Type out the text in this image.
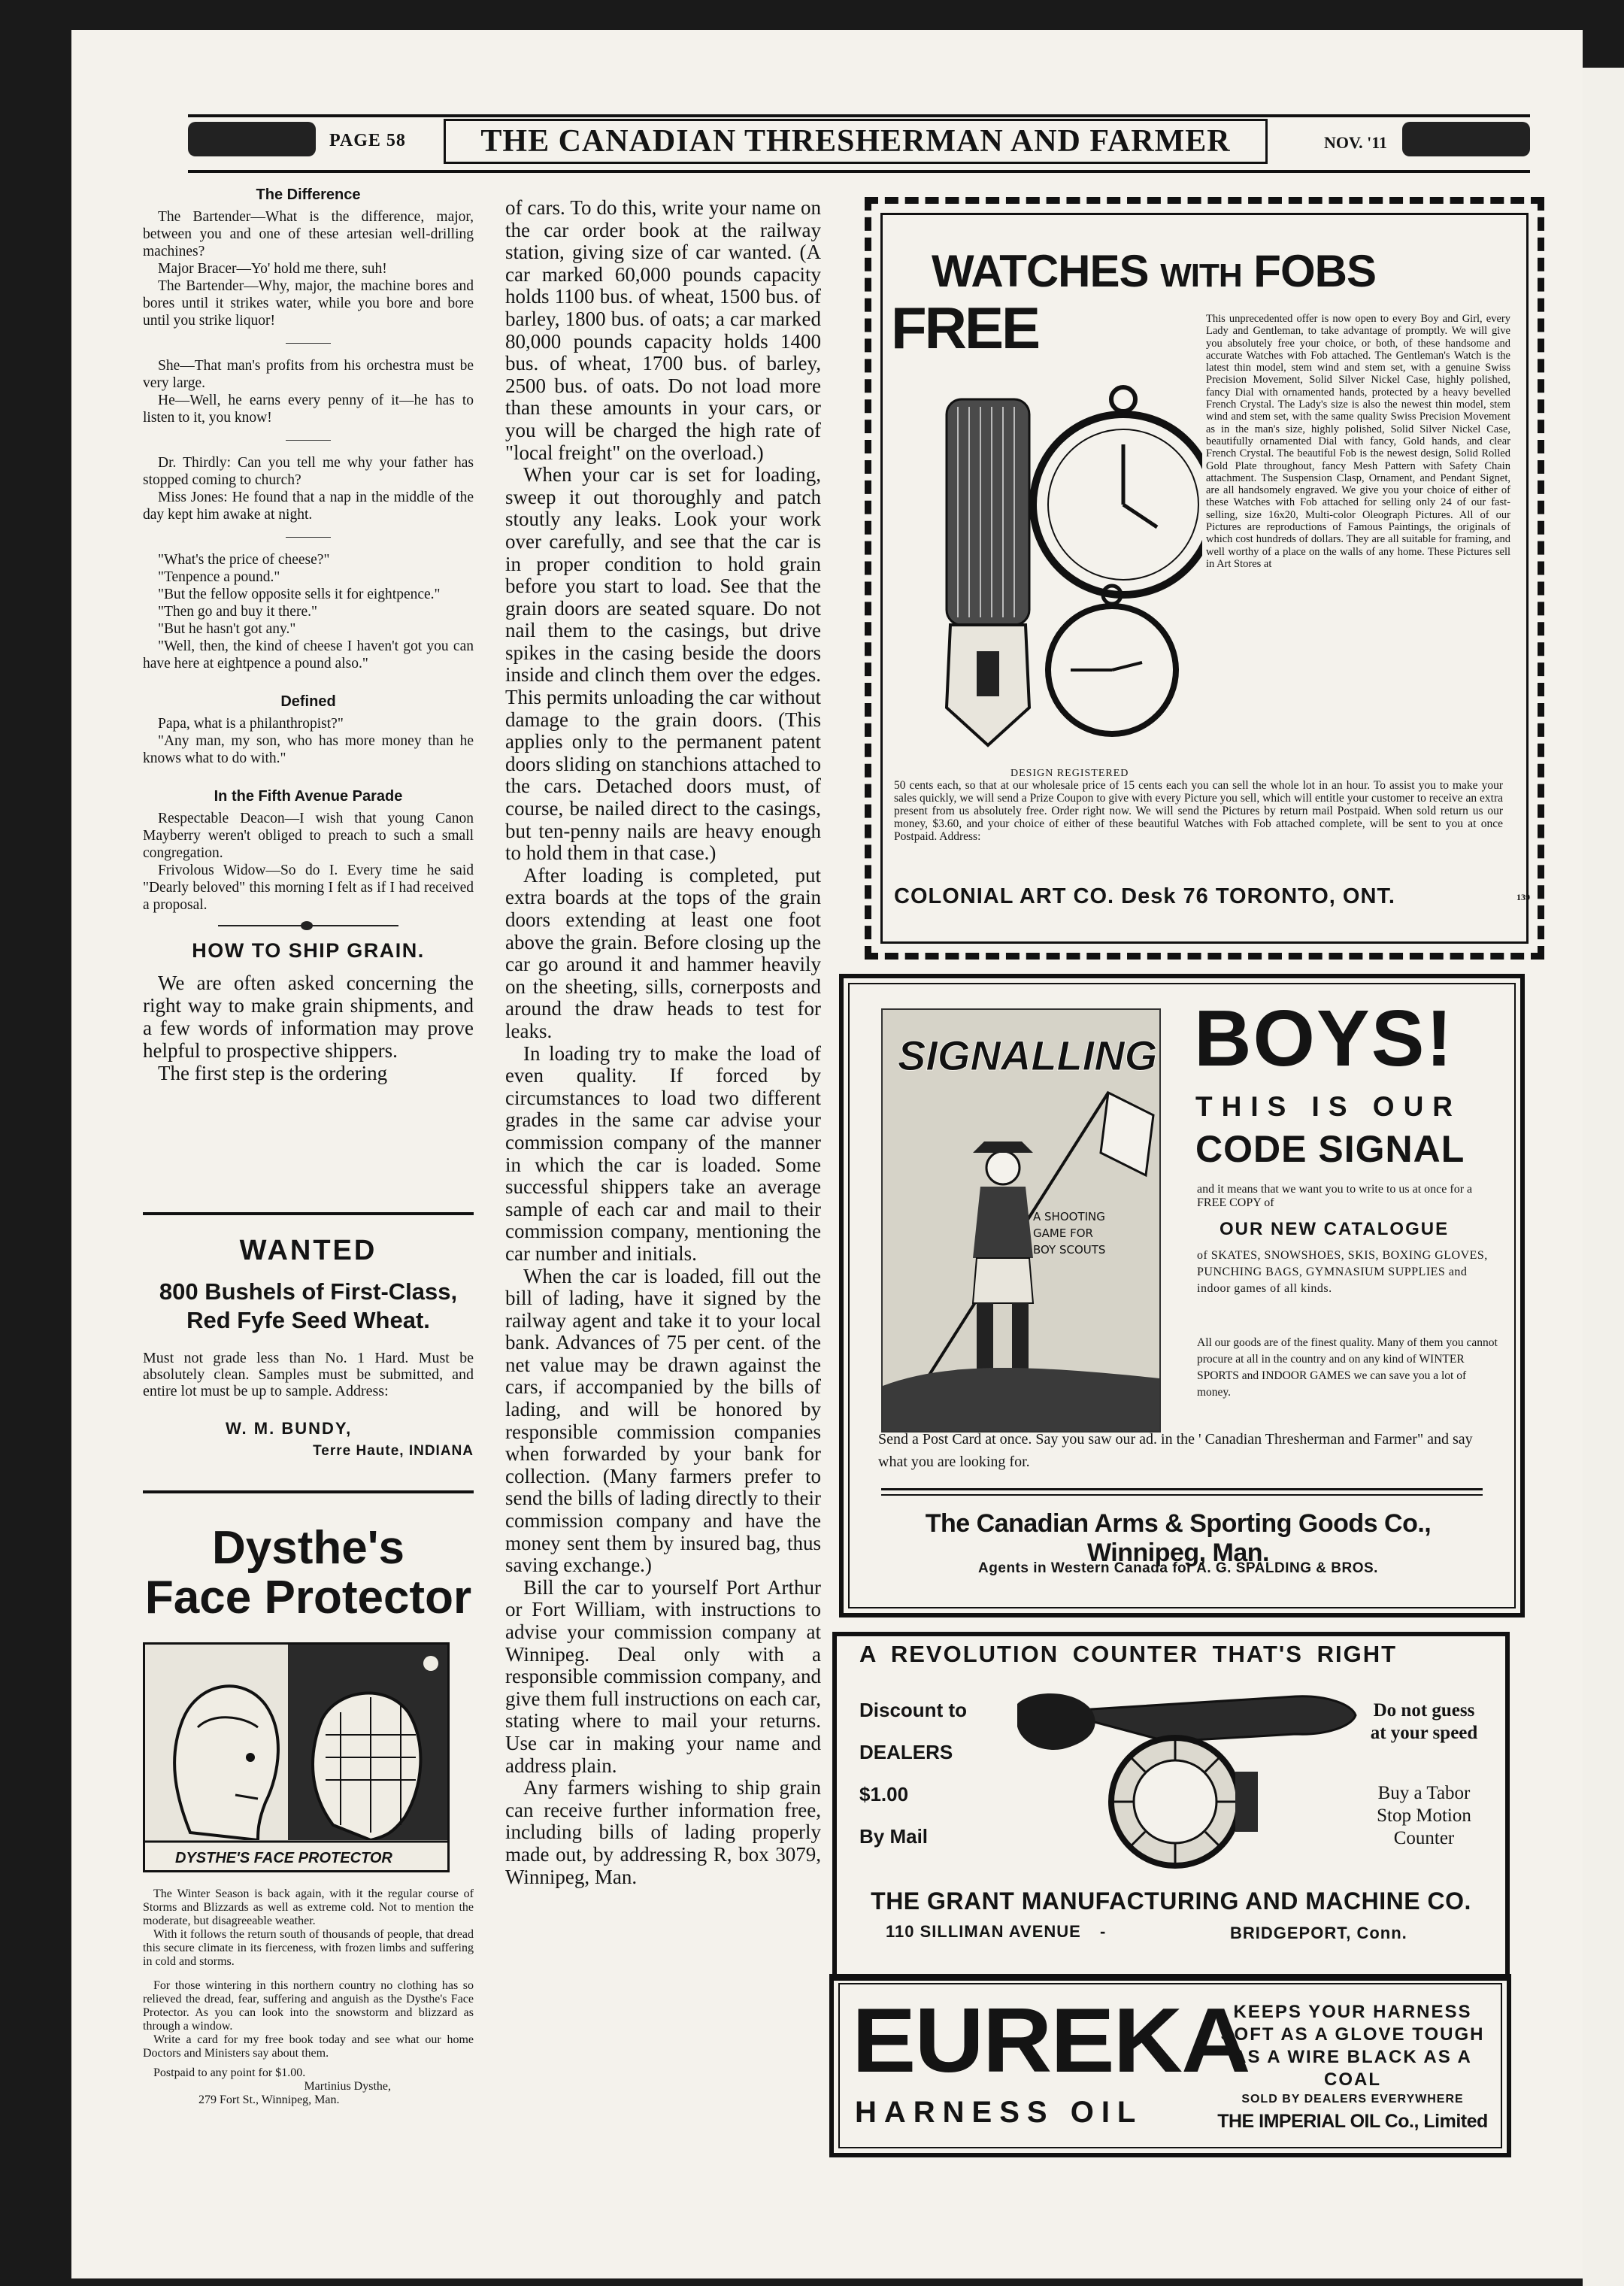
PAGE 58	THE CANADIAN THRESHERMAN AND FARMER	NOV. '11

The Difference

The Bartender—What is the difference, major, between you and one of these artesian well-drilling machines?

Major Bracer—Yo' hold me there, suh!

The Bartender—Why, major, the machine bores and bores until it strikes water, while you bore and bore until you strike liquor!

She—That man's profits from his orchestra must be very large.

He—Well, he earns every penny of it—he has to listen to it, you know!

Dr. Thirdly: Can you tell me why your father has stopped coming to church?

Miss Jones: He found that a nap in the middle of the day kept him awake at night.

"What's the price of cheese?"

"Tenpence a pound."

"But the fellow opposite sells it for eightpence."

"Then go and buy it there."

"But he hasn't got any."

"Well, then, the kind of cheese I haven't got you can have here at eightpence a pound also."

Defined

Papa, what is a philanthropist?"

"Any man, my son, who has more money than he knows what to do with."

In the Fifth Avenue Parade

Respectable Deacon—I wish that young Canon Mayberry weren't obliged to preach to such a small congregation.

Frivolous Widow—So do I. Every time he said "Dearly beloved" this morning I felt as if I had received a proposal.

HOW TO SHIP GRAIN.

We are often asked concerning the right way to make grain shipments, and a few words of information may prove helpful to prospective shippers.

The first step is the ordering

WANTED
800 Bushels of First-Class, Red Fyfe Seed Wheat.
Must not grade less than No. 1 Hard. Must be absolutely clean. Samples must be submitted, and entire lot must be up to sample. Address:
W. M. BUNDY,
Terre Haute, INDIANA
Dysthe's
Face Protector
DYSTHE'S FACE PROTECTOR

The Winter Season is back again, with it the regular course of Storms and Blizzards as well as extreme cold. Not to mention the moderate, but disagreeable weather.

With it follows the return south of thousands of people, that dread this secure climate in its fierceness, with frozen limbs and suffering in cold and storms.

For those wintering in this northern country no clothing has so relieved the dread, fear, suffering and anguish as the Dysthe's Face Protector. As you can look into the snowstorm and blizzard as through a window.

Write a card for my free book today and see what our home Doctors and Ministers say about them.

Postpaid to any point for $1.00.

Martinius Dysthe,

279 Fort St., Winnipeg, Man.

of cars. To do this, write your name on the car order book at the railway station, giving size of car wanted. (A car marked 60,000 pounds capacity holds 1100 bus. of wheat, 1500 bus. of barley, 1800 bus. of oats; a car marked 80,000 pounds capacity holds 1400 bus. of wheat, 1700 bus. of barley, 2500 bus. of oats. Do not load more than these amounts in your cars, or you will be charged the high rate of "local freight" on the overload.)

When your car is set for loading, sweep it out thoroughly and patch stoutly any leaks. Look your work over carefully, and see that the car is in proper condition to hold grain before you start to load. See that the grain doors are seated square. Do not nail them to the casings, but drive spikes in the casing beside the doors inside and clinch them over the edges. This permits unloading the car without damage to the grain doors. (This applies only to the permanent patent doors sliding on stanchions attached to the cars. Detached doors must, of course, be nailed direct to the casings, but ten-penny nails are heavy enough to hold them in that case.)

After loading is completed, put extra boards at the tops of the grain doors extending at least one foot above the grain. Before closing up the car go around it and hammer heavily on the sheeting, sills, cornerposts and around the draw heads to test for leaks.

In loading try to make the load of even quality. If forced by circumstances to load two different grades in the same car advise your commission company of the manner in which the car is loaded. Some successful shippers take an average sample of each car and mail to their commission company, mentioning the car number and initials.

When the car is loaded, fill out the bill of lading, have it signed by the railway agent and take it to your local bank. Advances of 75 per cent. of the net value may be drawn against the cars, if accompanied by the bills of lading, and will be honored by responsible commission companies when forwarded by your bank for collection. (Many farmers prefer to send the bills of lading directly to their commission company and have the money sent them by insured bag, thus saving exchange.)

Bill the car to yourself Port Arthur or Fort William, with instructions to advise your commission company at Winnipeg. Deal only with a responsible commission company, and give them full instructions on each car, stating where to mail your returns. Use car in making your name and address plain.

Any farmers wishing to ship grain can receive further information free, including bills of lading properly made out, by addressing R, box 3079, Winnipeg, Man.

WATCHES WITH FOBS
FREE	This unprecedented offer is now open to every Boy and Girl, every Lady and Gentleman, to take advantage of promptly. We will give you absolutely free your choice, or both, of these handsome and accurate Watches with Fob attached. The Gentleman's Watch is the latest thin model, stem wind and stem set, with a genuine Swiss Precision Movement, Solid Silver Nickel Case, highly polished, fancy Dial with ornamented hands, protected by a heavy bevelled French Crystal. The Lady's size is also the newest thin model, stem wind and stem set, with the same quality Swiss Precision Movement as in the man's size, highly polished, Solid Silver Nickel Case, beautifully ornamented Dial with fancy, Gold hands, and clear French Crystal. The beautiful Fob is the newest design, Solid Rolled Gold Plate throughout, fancy Mesh Pattern with Safety Chain attachment. The Suspension Clasp, Ornament, and Pendant Signet, are all handsomely engraved. We give you your choice of either of these Watches with Fob attached for selling only 24 of our fast-selling, size 16x20, Multi-color Oleograph Pictures. All of our Pictures are reproductions of Famous Paintings, the originals of which cost hundreds of dollars. They are all suitable for framing, and well worthy of a place on the walls of any home. These Pictures sell in Art Stores at
DESIGN REGISTERED
50 cents each, so that at our wholesale price of 15 cents each you can sell the whole lot in an hour. To assist you to make your sales quickly, we will send a Prize Coupon to give with every Picture you sell, which will entitle your customer to receive an extra present from us absolutely free. Order right now. We will send the Pictures by return mail Postpaid. When sold return us our money, $3.60, and your choice of either of these beautiful Watches with Fob attached complete, will be sent to you at once Postpaid. Address:
COLONIAL ART CO. Desk 76 TORONTO, ONT.	139
SIGNALLING
A SHOOTING GAME FOR BOY SCOUTS
BOYS!
THIS IS OUR
CODE SIGNAL
and it means that we want you to write to us at once for a FREE COPY of
OUR NEW CATALOGUE
of SKATES, SNOWSHOES, SKIS, BOXING GLOVES, PUNCHING BAGS, GYMNASIUM SUPPLIES and indoor games of all kinds.
All our goods are of the finest quality. Many of them you cannot procure at all in the country and on any kind of WINTER SPORTS and INDOOR GAMES we can save you a lot of money.
Send a Post Card at once. Say you saw our ad. in the ' Canadian Thresherman and Farmer" and say what you are looking for.
The Canadian Arms & Sporting Goods Co., Winnipeg, Man.
Agents in Western Canada for A. G. SPALDING & BROS.
A REVOLUTION COUNTER THAT'S RIGHT
Discount to
DEALERS
$1.00
By Mail
Do not guess at your speed
Buy a Tabor Stop Motion Counter
THE GRANT MANUFACTURING AND MACHINE CO.
110 SILLIMAN AVENUE -	BRIDGEPORT, Conn.
EUREKA
HARNESS OIL
KEEPS YOUR HARNESS SOFT AS A GLOVE TOUGH AS A WIRE BLACK AS A COAL
SOLD BY DEALERS EVERYWHERE
THE IMPERIAL OIL Co., Limited
